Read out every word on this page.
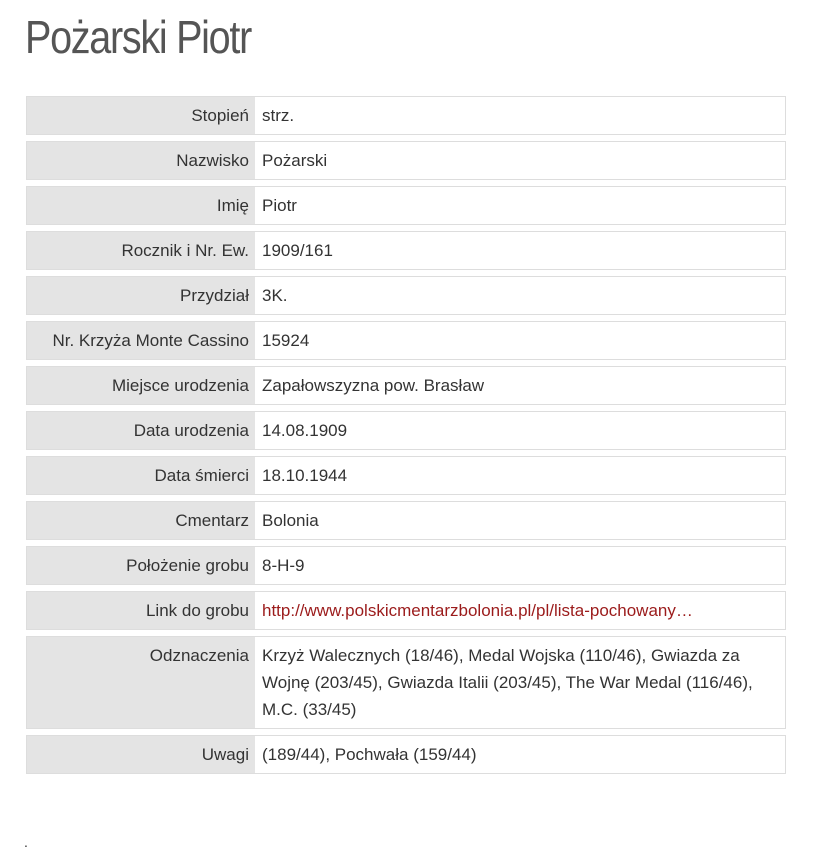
Pożarski Piotr
Stopień strz.
Nazwisko Pożarski
Imię Piotr
Rocznik i Nr. Ew. 1909/161
Przydział 3K.
Nr. Krzyża Monte Cassino 15924
Miejsce urodzenia Zapałowszyzna pow. Brasław
Data urodzenia 14.08.1909
Data śmierci 18.10.1944
Cmentarz Bolonia
Położenie grobu 8-H-9
Link do grobu http://www.polskicmentarzbolonia.pl/pl/lista-pochowany…
Odznaczenia Krzyż Walecznych (18/46), Medal Wojska (110/46), Gwiazda za Wojnę (203/45), Gwiazda Italii (203/45), The War Medal (116/46), M.C. (33/45)
Uwagi (189/44), Pochwała (159/44)
.
